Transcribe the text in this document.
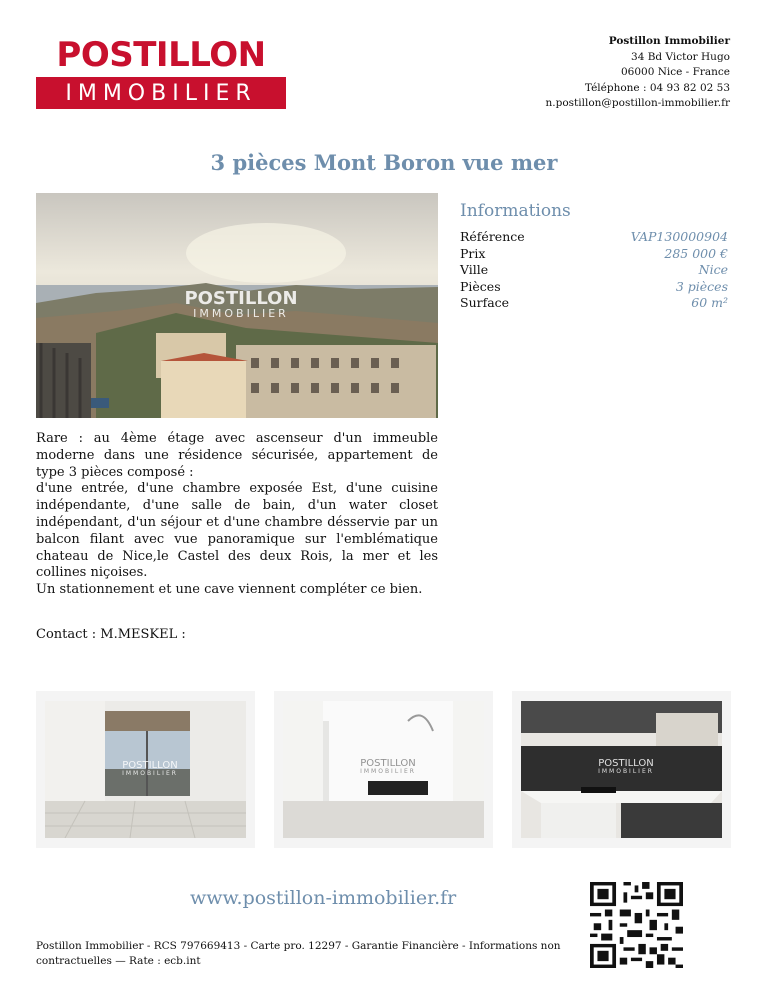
POSTILLON
IMMOBILIER
Postillon Immobilier
34 Bd Victor Hugo
06000 Nice - France
Téléphone : 04 93 82 02 53
n.postillon@postillon-immobilier.fr
3 pièces Mont Boron vue mer
POSTILLON
IMMOBILIER
Informations
Référence	VAP130000904
Prix	285 000 €
Ville	Nice
Pièces	3 pièces
Surface	60 m²

Rare : au 4ème étage avec ascenseur d'un immeuble moderne dans une résidence sécurisée, appartement de type 3 pièces composé :

d'une entrée, d'une chambre exposée Est, d'une cuisine indépendante, d'une salle de bain, d'un water closet indépendant, d'un séjour et d'une chambre désservie par un balcon filant avec vue panoramique sur l'emblématique chateau de Nice,le Castel des deux Rois, la mer et les collines niçoises.

Un stationnement et une cave viennent compléter ce bien.

Contact : M.MESKEL :
POSTILLON
IMMOBILIER
POSTILLON
IMMOBILIER
POSTILLON
IMMOBILIER
www.postillon-immobilier.fr
Postillon Immobilier - RCS 797669413 - Carte pro. 12297 - Garantie Financière - Informations non contractuelles — Rate : ecb.int
